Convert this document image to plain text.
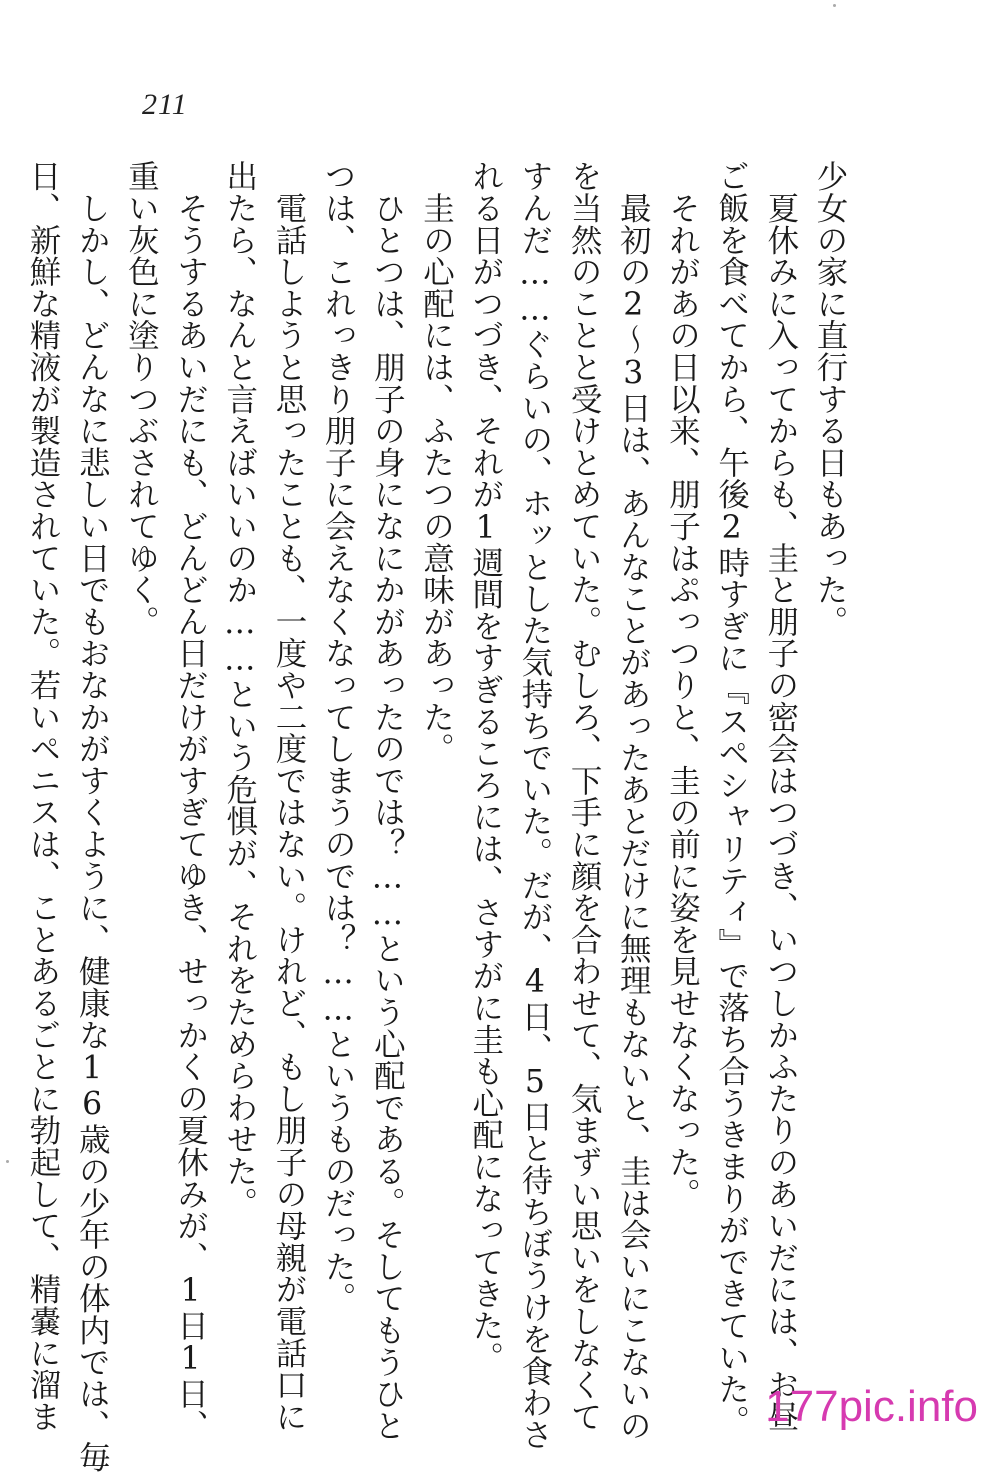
211
少女の家に直行する日もあった。
　夏休みに入ってからも、圭と朋子の密会はつづき、いつしかふたりのあいだには、お昼
ご飯を食べてから、午後2時すぎに『スペシャリティ』で落ち合うきまりができていた。
　それがあの日以来、朋子はぷっつりと、圭の前に姿を見せなくなった。
　最初の2〜3日は、あんなことがあったあとだけに無理もないと、圭は会いにこないの
を当然のことと受けとめていた。むしろ、下手に顔を合わせて、気まずい思いをしなくて
すんだ……ぐらいの、ホッとした気持ちでいた。だが、4日、5日と待ちぼうけを食わさ
れる日がつづき、それが1週間をすぎるころには、さすがに圭も心配になってきた。
　圭の心配には、ふたつの意味があった。
　ひとつは、朋子の身になにかがあったのでは？……という心配である。そしてもうひと
つは、これっきり朋子に会えなくなってしまうのでは？……というものだった。
　電話しようと思ったことも、一度や二度ではない。けれど、もし朋子の母親が電話口に
出たら、なんと言えばいいのか……という危惧が、それをためらわせた。
　そうするあいだにも、どんどん日だけがすぎてゆき、せっかくの夏休みが、1日1日、
重い灰色に塗りつぶされてゆく。
　しかし、どんなに悲しい日でもおなかがすくように、健康な16歳の少年の体内では、毎
日、新鮮な精液が製造されていた。若いペニスは、ことあるごとに勃起して、精嚢に溜ま	177pic.info
